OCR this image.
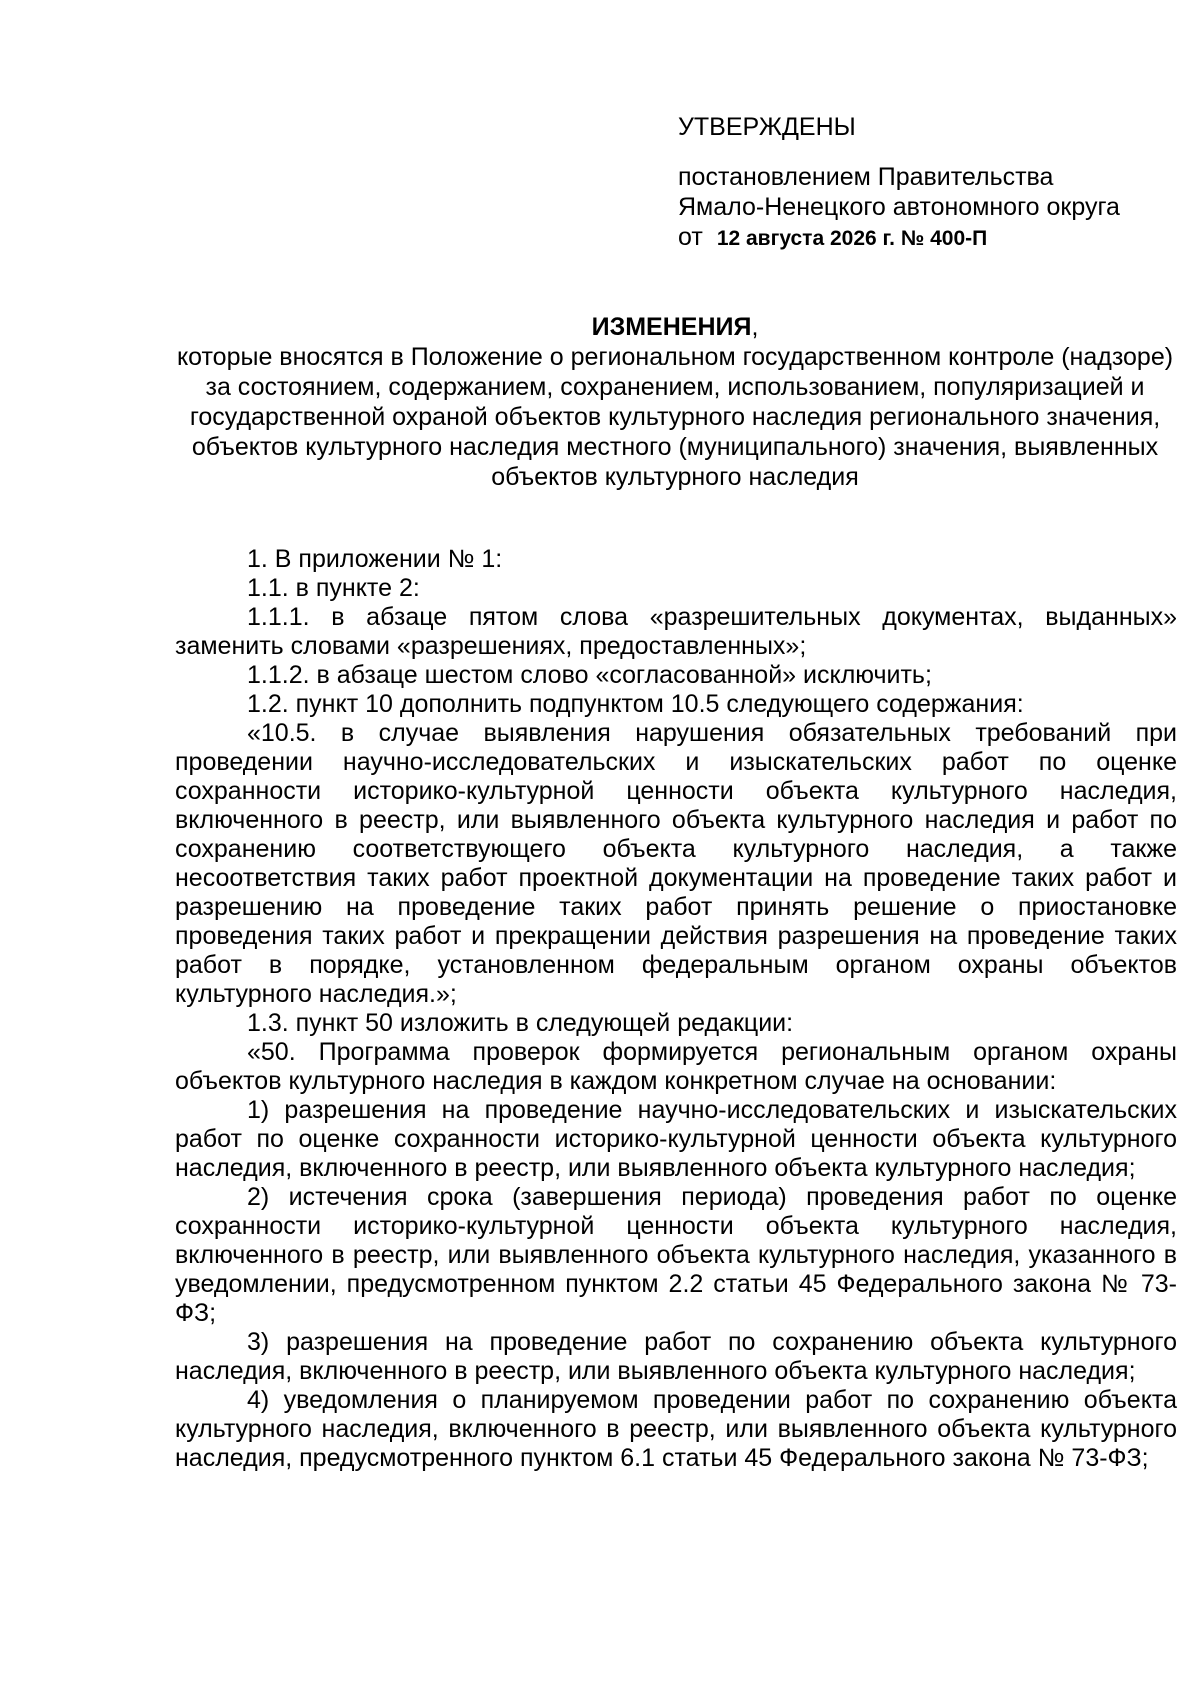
УТВЕРЖДЕНЫ
постановлением Правительства
Ямало-Ненецкого автономного округа
от 12 августа 2026 г. № 400-П
ИЗМЕНЕНИЯ,
которые вносятся в Положение о региональном государственном контроле (надзоре) за состоянием, содержанием, сохранением, использованием, популяризацией и государственной охраной объектов культурного наследия регионального значения, объектов культурного наследия местного (муниципального) значения, выявленных объектов культурного наследия

1. В приложении № 1:

1.1. в пункте 2:

1.1.1. в абзаце пятом слова «разрешительных документах, выданных» заменить словами «разрешениях, предоставленных»;

1.1.2. в абзаце шестом слово «согласованной» исключить;

1.2. пункт 10 дополнить подпунктом 10.5 следующего содержания:

«10.5. в случае выявления нарушения обязательных требований при проведении научно-исследовательских и изыскательских работ по оценке сохранности историко-культурной ценности объекта культурного наследия, включенного в реестр, или выявленного объекта культурного наследия и работ по сохранению соответствующего объекта культурного наследия, а также несоответствия таких работ проектной документации на проведение таких работ и разрешению на проведение таких работ принять решение о приостановке проведения таких работ и прекращении действия разрешения на проведение таких работ в порядке, установленном федеральным органом охраны объектов культурного наследия.»;

1.3. пункт 50 изложить в следующей редакции:

«50. Программа проверок формируется региональным органом охраны объектов культурного наследия в каждом конкретном случае на основании:

1) разрешения на проведение научно-исследовательских и изыскательских работ по оценке сохранности историко-культурной ценности объекта культурного наследия, включенного в реестр, или выявленного объекта культурного наследия;

2) истечения срока (завершения периода) проведения работ по оценке сохранности историко-культурной ценности объекта культурного наследия, включенного в реестр, или выявленного объекта культурного наследия, указанного в уведомлении, предусмотренном пунктом 2.2 статьи 45 Федерального закона № 73-ФЗ;

3) разрешения на проведение работ по сохранению объекта культурного наследия, включенного в реестр, или выявленного объекта культурного наследия;

4) уведомления о планируемом проведении работ по сохранению объекта культурного наследия, включенного в реестр, или выявленного объекта культурного наследия, предусмотренного пунктом 6.1 статьи 45 Федерального закона № 73-ФЗ;
